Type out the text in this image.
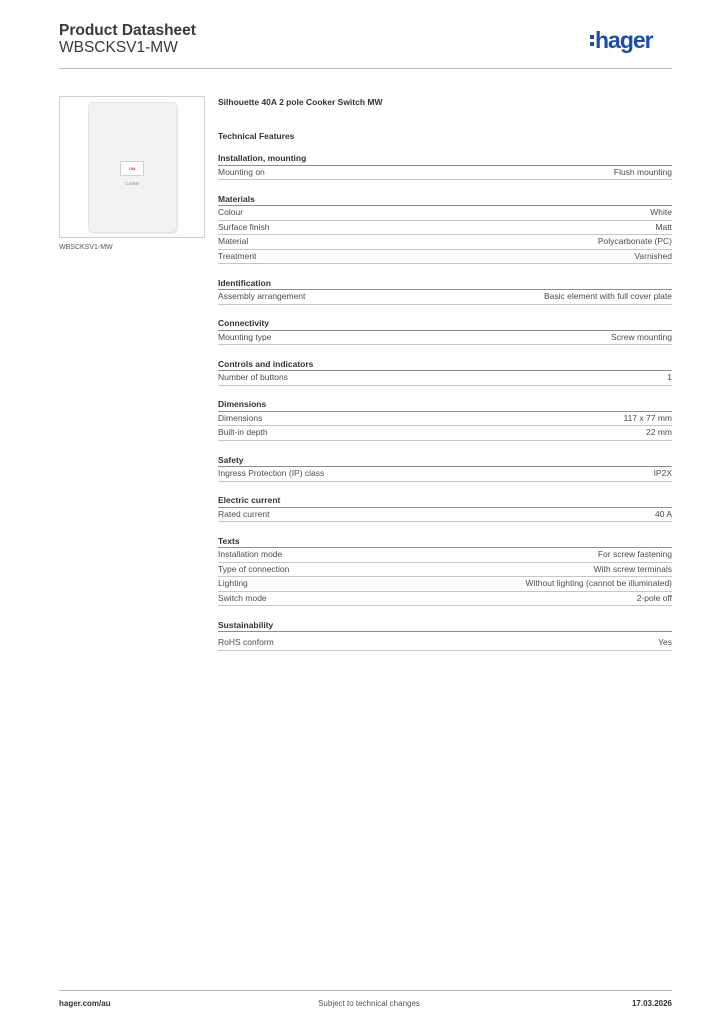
Product Datasheet
WBSCKSV1-MW	hager
ON
Cooker
WBSCKSV1-MW
Silhouette 40A 2 pole Cooker Switch MW
Technical Features
Installation, mounting
Mounting on	Flush mounting
Materials
Colour	White
Surface finish	Matt
Material	Polycarbonate (PC)
Treatment	Varnished
Identification
Assembly arrangement	Basic element with full cover plate
Connectivity
Mounting type	Screw mounting
Controls and indicators
Number of buttons	1
Dimensions
Dimensions	117 x 77 mm
Built-in depth	22 mm
Safety
Ingress Protection (IP) class	IP2X
Electric current
Rated current	40 A
Texts
Installation mode	For screw fastening
Type of connection	With screw terminals
Lighting	Without lighting (cannot be illuminated)
Switch mode	2-pole off
Sustainability
RoHS conform	Yes
hager.com/au	Subject to technical changes	17.03.2026
